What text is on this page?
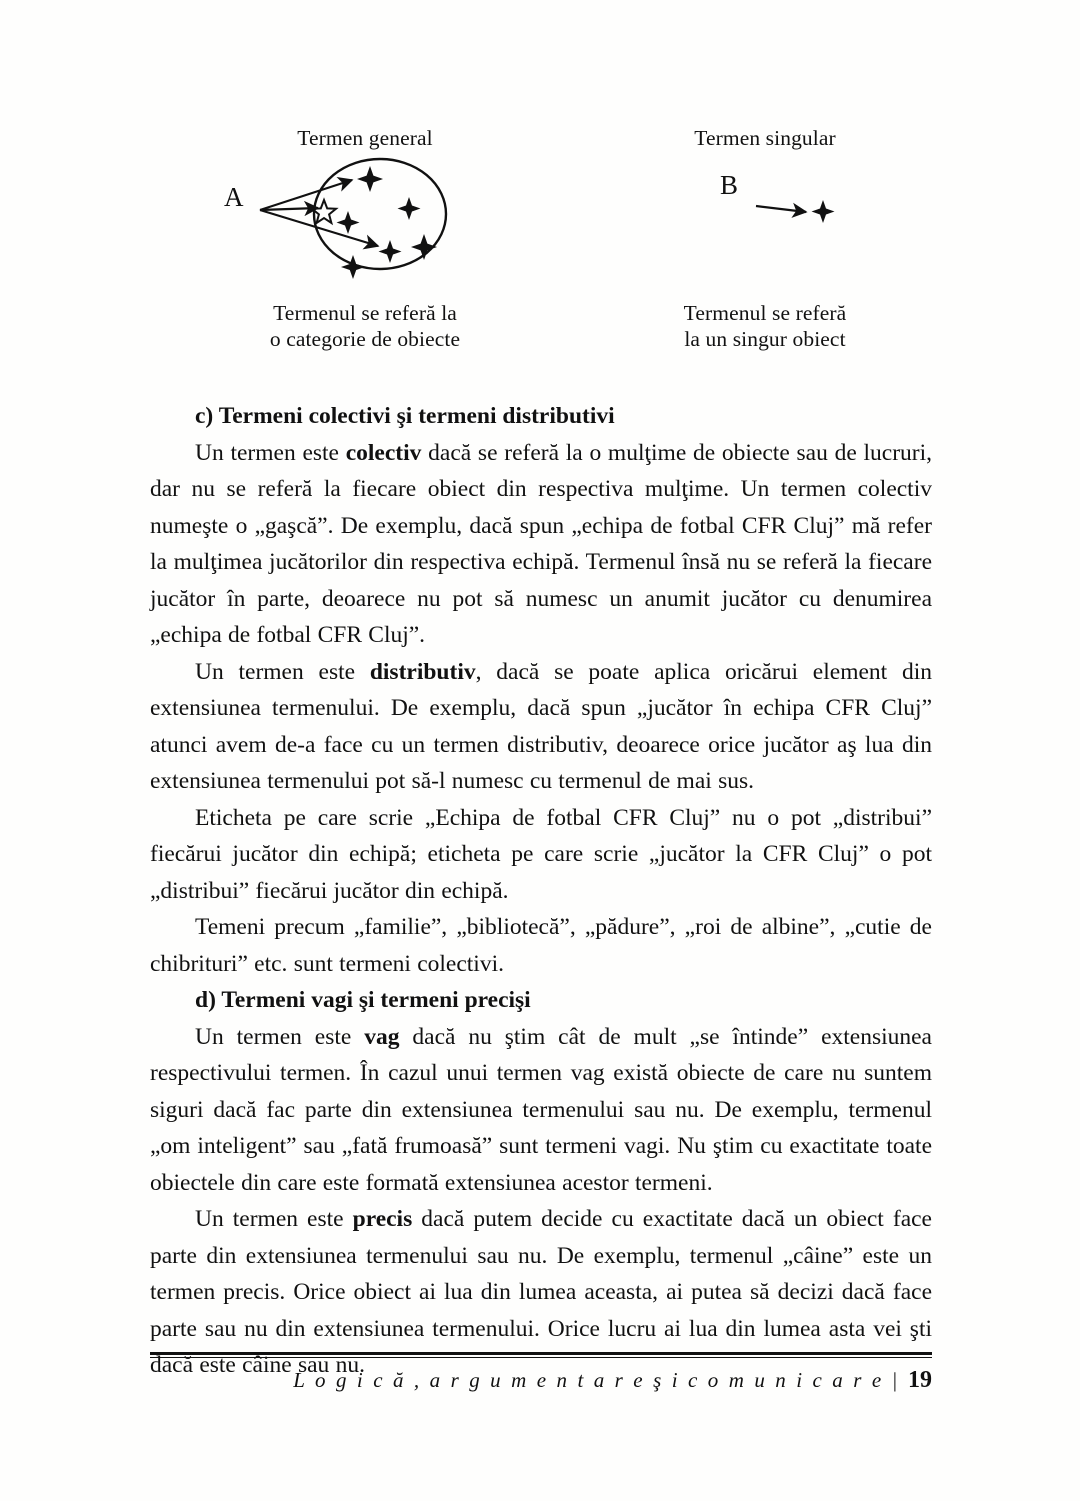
Termen general
A
Termenul se referă la
o categorie de obiecte
Termen singular
B
Termenul se referă
la un singur obiect
c) Termeni colectivi şi termeni distributivi

Un termen este colectiv dacă se referă la o mulţime de obiecte sau de lucruri, dar nu se referă la fiecare obiect din respectiva mulţime. Un termen colectiv numeşte o „gaşcă”. De exemplu, dacă spun „echipa de fotbal CFR Cluj” mă refer la mulţimea jucătorilor din respectiva echipă. Termenul însă nu se referă la fiecare jucător în parte, deoarece nu pot să numesc un anumit jucător cu denumirea „echipa de fotbal CFR Cluj”.

Un termen este distributiv, dacă se poate aplica oricărui element din extensiunea termenului. De exemplu, dacă spun „jucător în echipa CFR Cluj” atunci avem de-a face cu un termen distributiv, deoarece orice jucător aş lua din extensiunea termenului pot să-l numesc cu termenul de mai sus.

Eticheta pe care scrie „Echipa de fotbal CFR Cluj” nu o pot „distribui” fiecărui jucător din echipă; eticheta pe care scrie „jucător la CFR Cluj” o pot „distribui” fiecărui jucător din echipă.

Temeni precum „familie”, „bibliotecă”, „pădure”, „roi de albine”, „cutie de chibrituri” etc. sunt termeni colectivi.

d) Termeni vagi şi termeni precişi

Un termen este vag dacă nu ştim cât de mult „se întinde” extensiunea respectivului termen. În cazul unui termen vag există obiecte de care nu suntem siguri dacă fac parte din extensiunea termenului sau nu. De exemplu, termenul „om inteligent” sau „fată frumoasă” sunt termeni vagi. Nu ştim cu exactitate toate obiectele din care este formată extensiunea acestor termeni.

Un termen este precis dacă putem decide cu exactitate dacă un obiect face parte din extensiunea termenului sau nu. De exemplu, termenul „câine” este un termen precis. Orice obiect ai lua din lumea aceasta, ai putea să decizi dacă face parte sau nu din extensiunea termenului. Orice lucru ai lua din lumea asta vei şti dacă este câine sau nu.

L o g i c ă , a r g u m e n t a r e ş i c o m u n i c a r e | 19
